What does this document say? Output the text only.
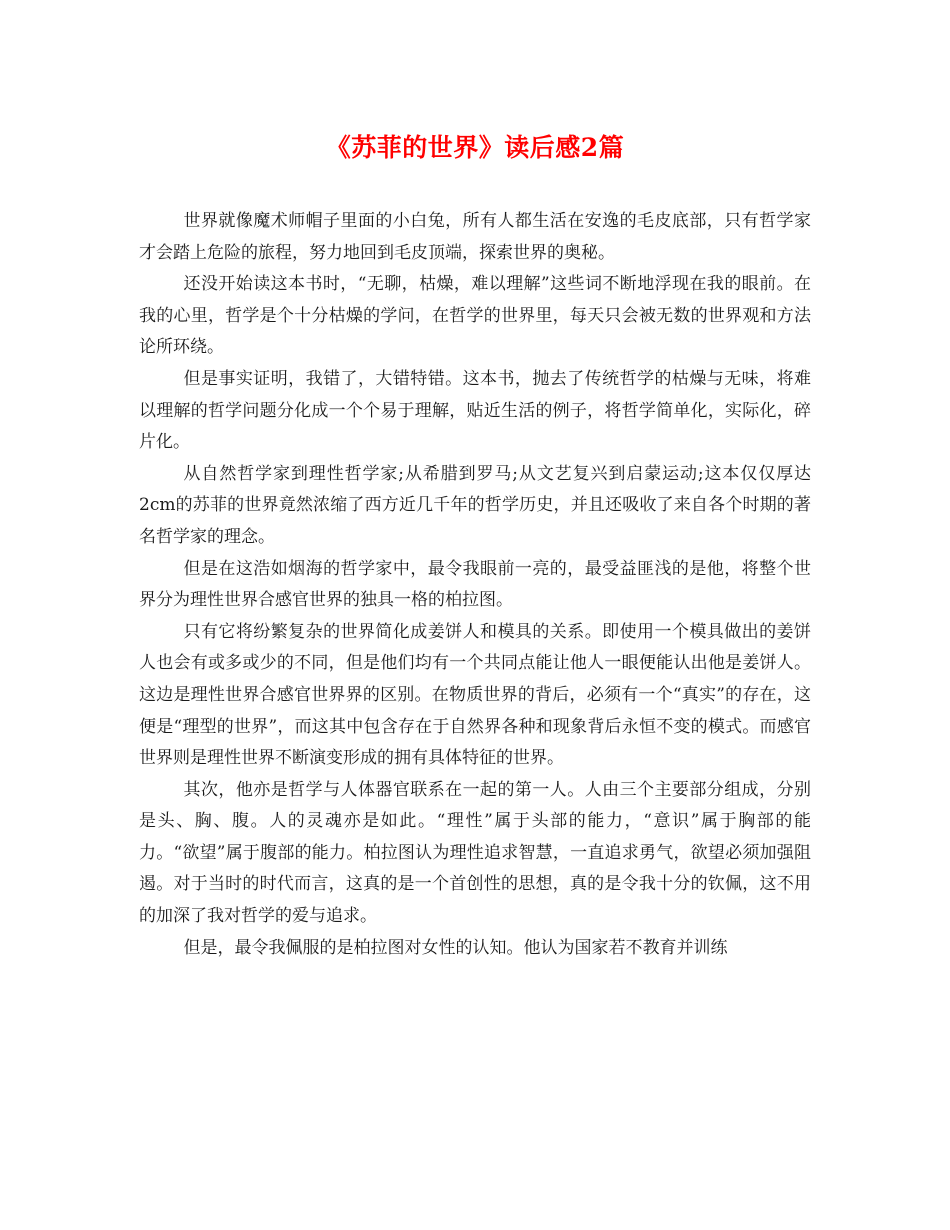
《苏菲的世界》读后感2篇

世界就像魔术师帽子里面的小白兔，所有人都生活在安逸的毛皮底部，只有哲学家才会踏上危险的旅程，努力地回到毛皮顶端，探索世界的奥秘。

还没开始读这本书时，“无聊，枯燥，难以理解”这些词不断地浮现在我的眼前。在我的心里，哲学是个十分枯燥的学问，在哲学的世界里，每天只会被无数的世界观和方法论所环绕。

但是事实证明，我错了，大错特错。这本书，抛去了传统哲学的枯燥与无味，将难以理解的哲学问题分化成一个个易于理解，贴近生活的例子，将哲学简单化，实际化，碎片化。

从自然哲学家到理性哲学家;从希腊到罗马;从文艺复兴到启蒙运动;这本仅仅厚达2cm的苏菲的世界竟然浓缩了西方近几千年的哲学历史，并且还吸收了来自各个时期的著名哲学家的理念。

但是在这浩如烟海的哲学家中，最令我眼前一亮的，最受益匪浅的是他，将整个世界分为理性世界合感官世界的独具一格的柏拉图。

只有它将纷繁复杂的世界简化成姜饼人和模具的关系。即使用一个模具做出的姜饼人也会有或多或少的不同，但是他们均有一个共同点能让他人一眼便能认出他是姜饼人。这边是理性世界合感官世界界的区别。在物质世界的背后，必须有一个“真实”的存在，这便是“理型的世界”，而这其中包含存在于自然界各种和现象背后永恒不变的模式。而感官世界则是理性世界不断演变形成的拥有具体特征的世界。

其次，他亦是哲学与人体器官联系在一起的第一人。人由三个主要部分组成，分别是头、胸、腹。人的灵魂亦是如此。“理性”属于头部的能力，“意识”属于胸部的能力。“欲望”属于腹部的能力。柏拉图认为理性追求智慧，一直追求勇气，欲望必须加强阻遏。对于当时的时代而言，这真的是一个首创性的思想，真的是令我十分的钦佩，这不用的加深了我对哲学的爱与追求。

但是，最令我佩服的是柏拉图对女性的认知。他认为国家若不教育并训练
